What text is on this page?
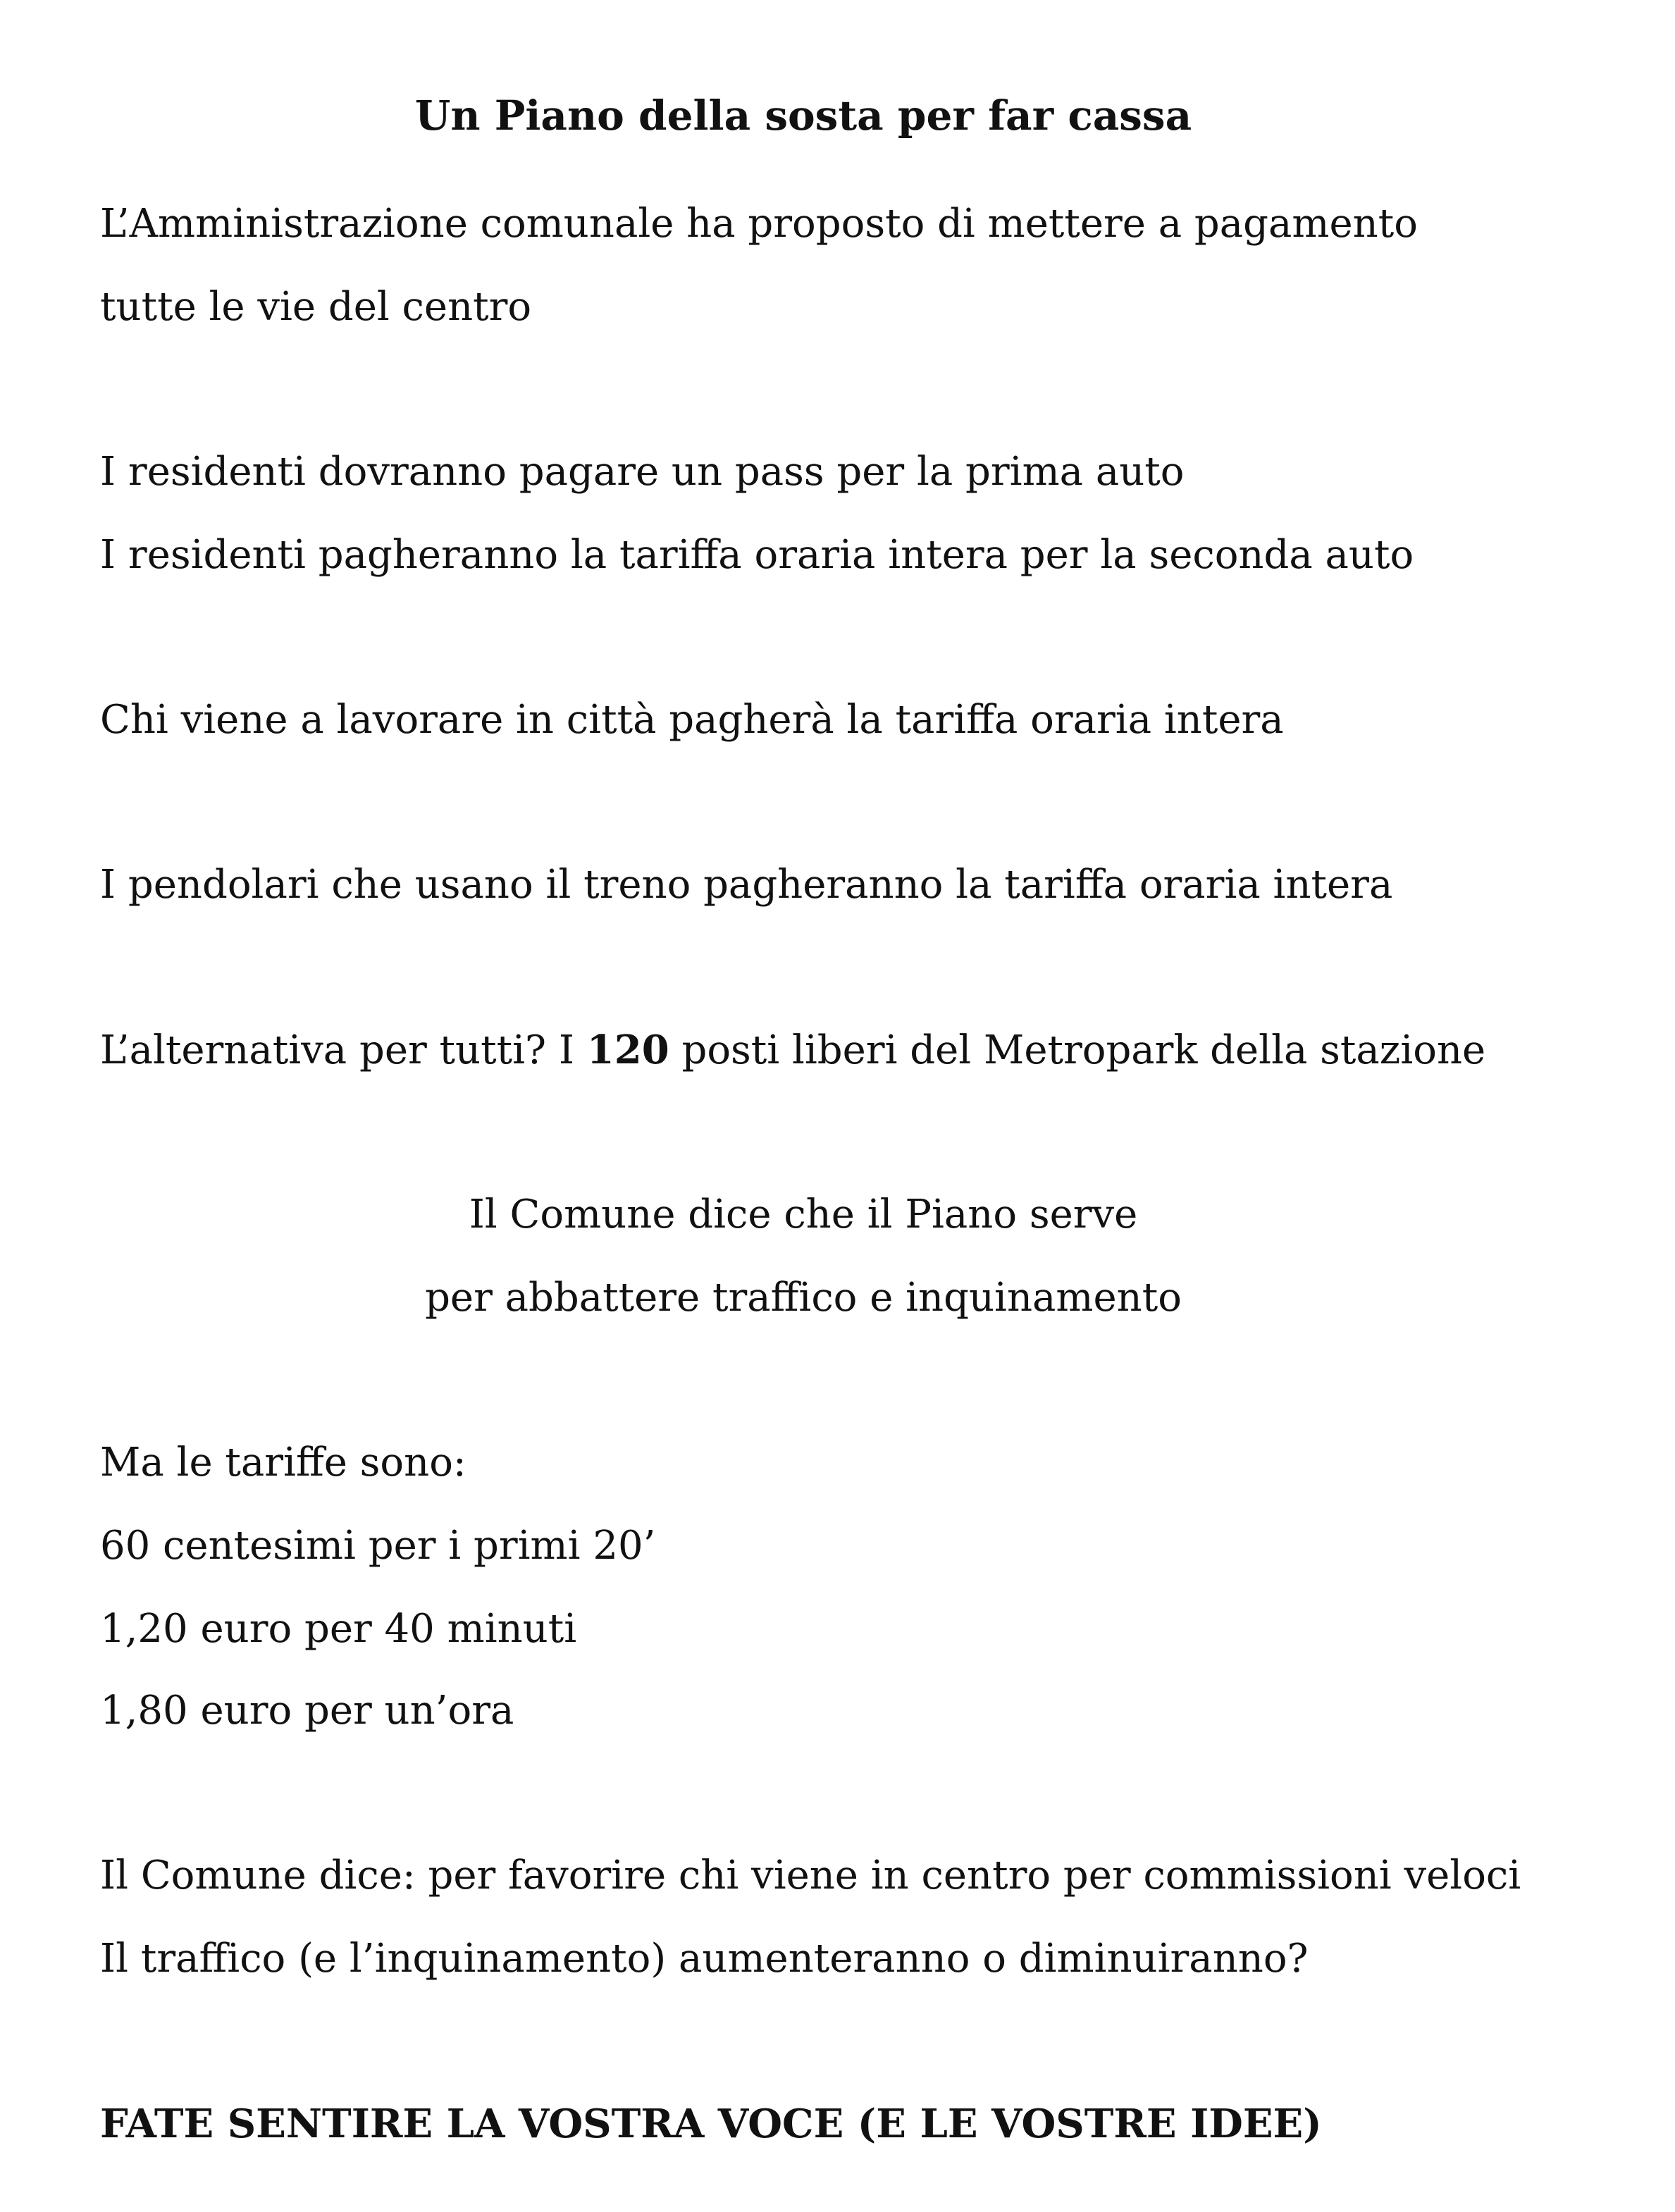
Un Piano della sosta per far cassa
L’Amministrazione comunale ha proposto di mettere a pagamento
tutte le vie del centro
I residenti dovranno pagare un pass per la prima auto
I residenti pagheranno la tariffa oraria intera per la seconda auto
Chi viene a lavorare in città pagherà la tariffa oraria intera
I pendolari che usano il treno pagheranno la tariffa oraria intera
L’alternativa per tutti? I 120 posti liberi del Metropark della stazione
Il Comune dice che il Piano serve
per abbattere traffico e inquinamento
Ma le tariffe sono:
60 centesimi per i primi 20’
1,20 euro per 40 minuti
1,80 euro per un’ora
Il Comune dice: per favorire chi viene in centro per commissioni veloci
Il traffico (e l’inquinamento) aumenteranno o diminuiranno?
FATE SENTIRE LA VOSTRA VOCE (E LE VOSTRE IDEE)
